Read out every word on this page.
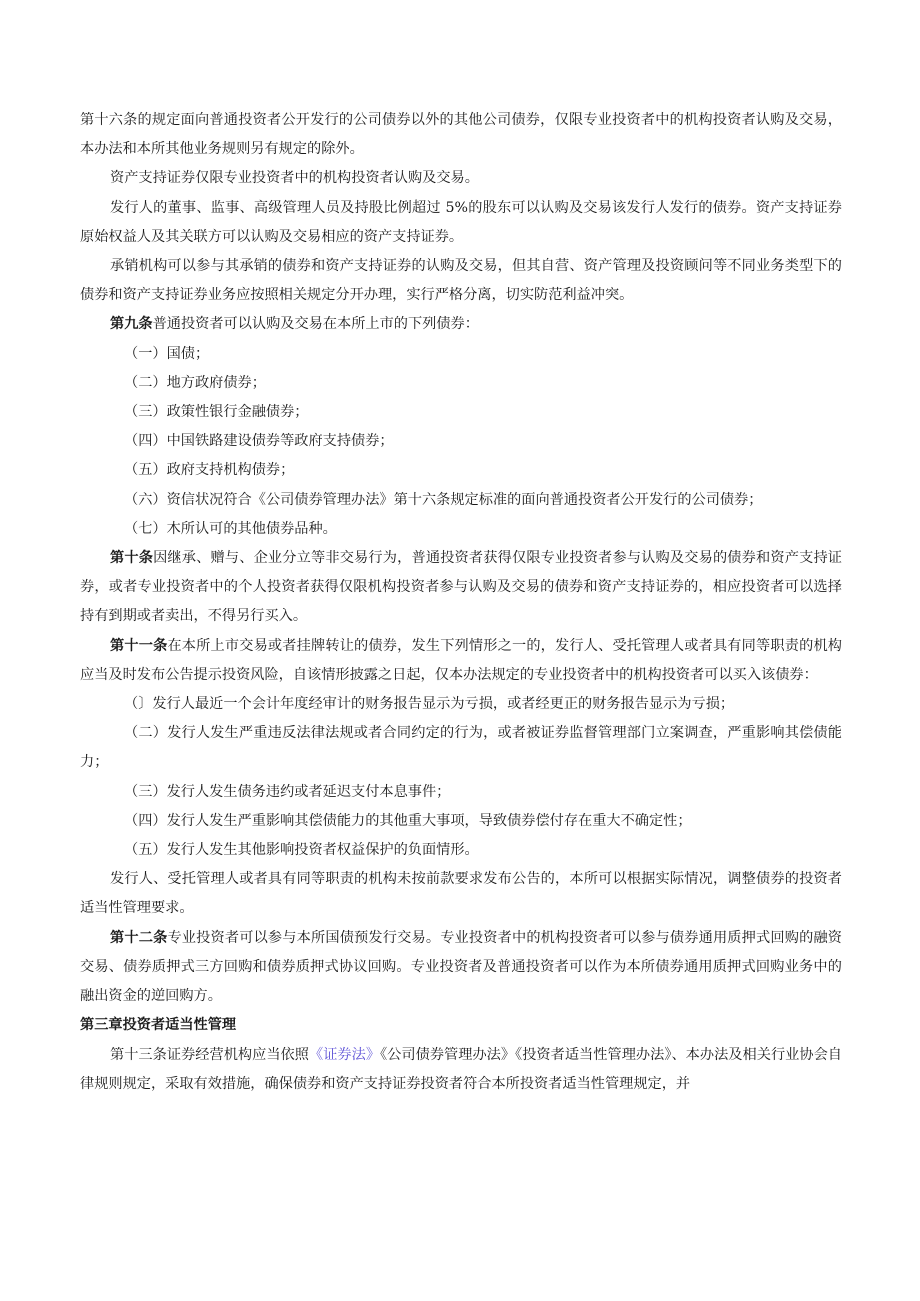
第十六条的规定面向普通投资者公开发行的公司债券以外的其他公司债券，仅限专业投资者中的机构投资者认购及交易，本办法和本所其他业务规则另有规定的除外。

资产支持证券仅限专业投资者中的机构投资者认购及交易。

发行人的董事、监事、高级管理人员及持股比例超过 5%的股东可以认购及交易该发行人发行的债券。资产支持证券原始权益人及其关联方可以认购及交易相应的资产支持证券。

承销机构可以参与其承销的债券和资产支持证券的认购及交易，但其自营、资产管理及投资顾问等不同业务类型下的债券和资产支持证券业务应按照相关规定分开办理，实行严格分离，切实防范利益冲突。

第九条普通投资者可以认购及交易在本所上市的下列债券：

（一）国债；

（二）地方政府债券；

（三）政策性银行金融债券；

（四）中国铁路建设债券等政府支持债券；

（五）政府支持机构债券；

（六）资信状况符合《公司债券管理办法》第十六条规定标准的面向普通投资者公开发行的公司债券；

（七）木所认可的其他债券品种。

第十条因继承、赠与、企业分立等非交易行为，普通投资者获得仅限专业投资者参与认购及交易的债券和资产支持证券，或者专业投资者中的个人投资者获得仅限机构投资者参与认购及交易的债券和资产支持证券的，相应投资者可以选择持有到期或者卖出，不得另行买入。

第十一条在本所上市交易或者挂牌转让的债券，发生下列情形之一的，发行人、受托管理人或者具有同等职责的机构应当及时发布公告提示投资风险，自该情形披露之日起，仅本办法规定的专业投资者中的机构投资者可以买入该债券：

（〕发行人最近一个会计年度经审计的财务报告显示为亏损，或者经更正的财务报告显示为亏损；

（二）发行人发生严重违反法律法规或者合同约定的行为，或者被证券监督管理部门立案调查，严重影响其偿债能力；

（三）发行人发生债务违约或者延迟支付本息事件；

（四）发行人发生严重影响其偿债能力的其他重大事项，导致债券偿付存在重大不确定性；

（五）发行人发生其他影响投资者权益保护的负面情形。

发行人、受托管理人或者具有同等职责的机构未按前款要求发布公告的，本所可以根据实际情况，调整债券的投资者适当性管理要求。

第十二条专业投资者可以参与本所国债预发行交易。专业投资者中的机构投资者可以参与债券通用质押式回购的融资交易、债券质押式三方回购和债券质押式协议回购。专业投资者及普通投资者可以作为本所债券通用质押式回购业务中的融出资金的逆回购方。

第三章投资者适当性管理

第十三条证券经营机构应当依照《证券法》《公司债券管理办法》《投资者适当性管理办法》、本办法及相关行业协会自律规则规定，采取有效措施，确保债券和资产支持证券投资者符合本所投资者适当性管理规定，并
